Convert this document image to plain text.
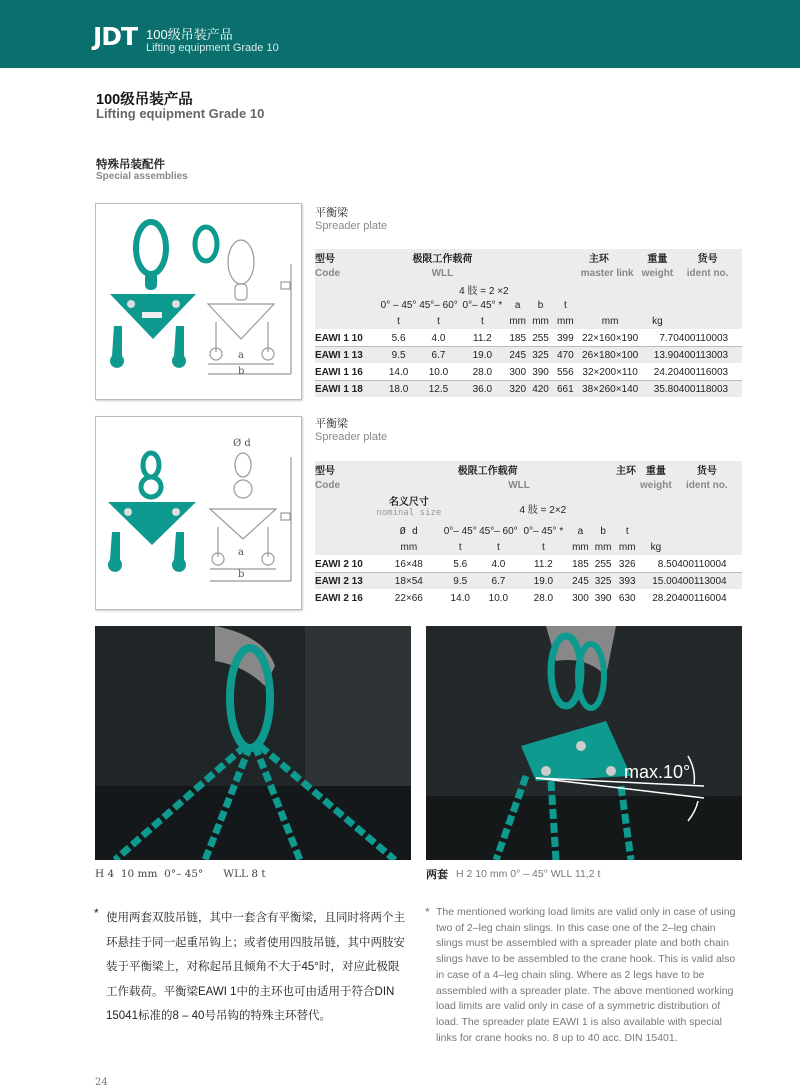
JDT 100级吊装产品
Lifting equipment Grade 10
100级吊装产品
Lifting equipment Grade 10
特殊吊装配件
Special assemblies
a
b
平衡梁
Spreader plate
型号	极限工作载荷			主环				重量	货号
Code	WLL			master link				weight	ident no.
	4 肢 = 2 ×2								
	0° – 45°	45°– 60°	0°– 45° *	a	b	t			
	t	t	t	mm	mm	mm	mm	kg	
EAWI 1 10	5.6	4.0	11.2	185	255	399	22×160×190	7.7	0400110003
EAWI 1 13	9.5	6.7	19.0	245	325	470	26×180×100	13.9	0400113003
EAWI 1 16	14.0	10.0	28.0	300	390	556	32×200×110	24.2	0400116003
EAWI 1 18	18.0	12.5	36.0	320	420	661	38×260×140	35.8	0400118003
Ø d
a
b
平衡梁
Spreader plate
型号	极限工作载荷			主环				重量	货号
Code	WLL							weight	ident no.

	名义尺寸
nominal size	4 肢 = 2×2							
	Ø d	0°– 45°	45°– 60°	0°– 45° *	a	b	t		
	mm	t	t	t	mm	mm	mm	kg	
EAWI 2 10	16×48	5.6	4.0	11.2	185	255	326	8.5	0400110004
EAWI 2 13	18×54	9.5	6.7	19.0	245	325	393	15.0	0400113004
EAWI 2 16	22×66	14.0	10.0	28.0	300	390	630	28.2	0400116004
max.10°
H 4  10 mm  0°– 45°      WLL 8 t	两套 H 2 10 mm 0° – 45° WLL 11,2 t
* 使用两套双肢吊链，其中一套含有平衡梁，且同时将两个主环悬挂于同一起重吊钩上；或者使用四肢吊链，其中两肢安装于平衡梁上，对称起吊且倾角不大于45°时，对应此极限工作载荷。平衡梁EAWI 1中的主环也可由适用于符合DIN 15041标准的8 – 40号吊钩的特殊主环替代。
* The mentioned working load limits are valid only in case of using two of 2–leg chain slings. In this case one of the 2–leg chain slings must be assembled with a spreader plate and both chain slings have to be assembled to the crane hook. This is valid also in case of a 4–leg chain sling. Where as 2 legs have to be assembled with a spreader plate. The above mentioned working load limits are valid only in case of a symmetric distribution of load. The spreader plate EAWI 1 is also available with special links for crane hooks no. 8 up to 40 acc. DIN 15401.
24
